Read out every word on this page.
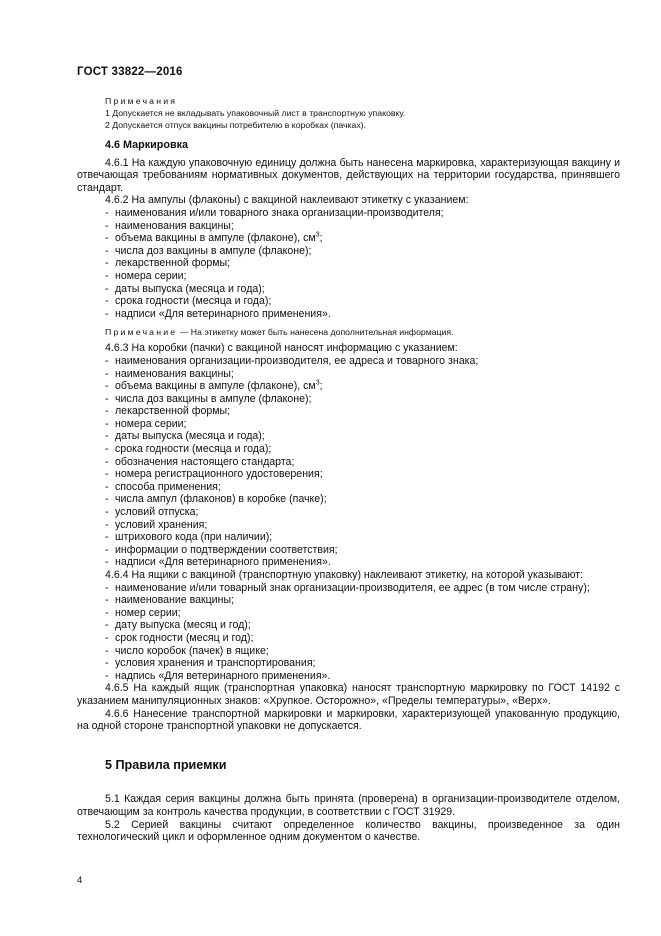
ГОСТ 33822—2016
Примечания
1 Допускается не вкладывать упаковочный лист в транспортную упаковку.
2 Допускается отпуск вакцины потребителю в коробках (пачках).
4.6 Маркировка
4.6.1 На каждую упаковочную единицу должна быть нанесена маркировка, характеризующая вакцину и отвечающая требованиям нормативных документов, действующих на территории государства, принявшего стандарт.
4.6.2 На ампулы (флаконы) с вакциной наклеивают этикетку с указанием:
- наименования и/или товарного знака организации-производителя;
- наименования вакцины;
- объема вакцины в ампуле (флаконе), $см^3$;
- числа доз вакцины в ампуле (флаконе);
- лекарственной формы;
- номера серии;
- даты выпуска (месяца и года);
- срока годности (месяца и года);
- надписи «Для ветеринарного применения».
Примечание — На этикетку может быть нанесена дополнительная информация.
4.6.3 На коробки (пачки) с вакциной наносят информацию с указанием:
- наименования организации-производителя, ее адреса и товарного знака;
- наименования вакцины;
- объема вакцины в ампуле (флаконе), $см^3$;
- числа доз вакцины в ампуле (флаконе);
- лекарственной формы;
- номера серии;
- даты выпуска (месяца и года);
- срока годности (месяца и года);
- обозначения настоящего стандарта;
- номера регистрационного удостоверения;
- способа применения;
- числа ампул (флаконов) в коробке (пачке);
- условий отпуска;
- условий хранения;
- штрихового кода (при наличии);
- информации о подтверждении соответствия;
- надписи «Для ветеринарного применения».
4.6.4 На ящики с вакциной (транспортную упаковку) наклеивают этикетку, на которой указывают:
- наименование и/или товарный знак организации-производителя, ее адрес (в том числе страну);
- наименование вакцины;
- номер серии;
- дату выпуска (месяц и год);
- срок годности (месяц и год);
- число коробок (пачек) в ящике;
- условия хранения и транспортирования;
- надпись «Для ветеринарного применения».
4.6.5 На каждый ящик (транспортная упаковка) наносят транспортную маркировку по ГОСТ 14192 с указанием манипуляционных знаков: «Хрупкое. Осторожно», «Пределы температуры», «Верх».
4.6.6 Нанесение транспортной маркировки и маркировки, характеризующей упакованную продукцию, на одной стороне транспортной упаковки не допускается.
5 Правила приемки
5.1 Каждая серия вакцины должна быть принята (проверена) в организации-производителе отделом, отвечающим за контроль качества продукции, в соответствии с ГОСТ 31929.
5.2 Серией вакцины считают определенное количество вакцины, произведенное за один технологический цикл и оформленное одним документом о качестве.
4
